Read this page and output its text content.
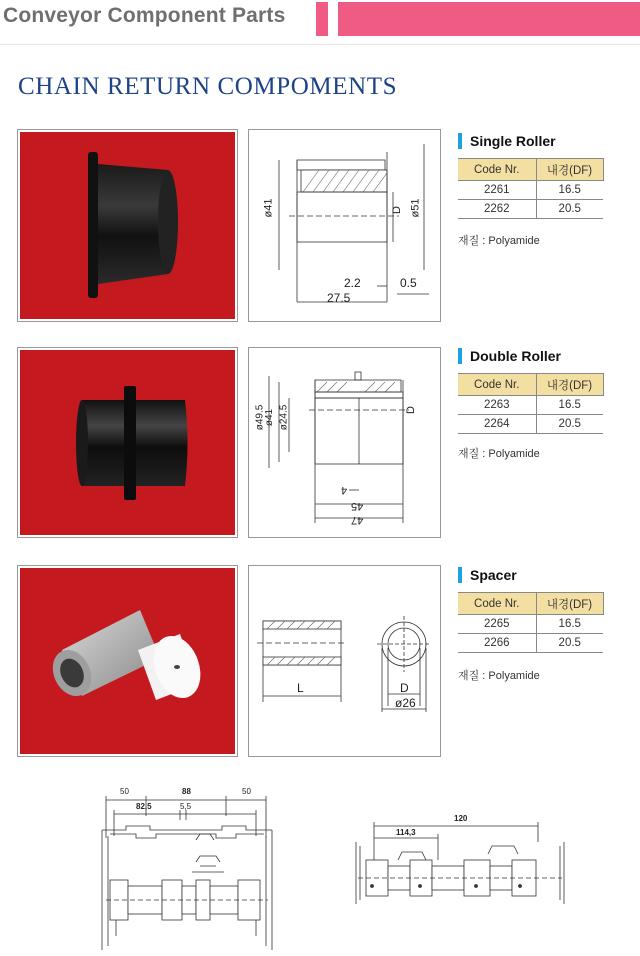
Conveyor Component Parts
CHAIN RETURN COMPOMENTS
ø41	D ø51
2.2	0.5
27.5
Single Roller
Code Nr.	내경(DF)
2261	16.5
2262	20.5
재질 : Polyamide
ø49.5
ø41 ø24.5	D
4
45
47
Double Roller
Code Nr.	내경(DF)
2263	16.5
2264	20.5
재질 : Polyamide
L	D
ø26
Spacer
Code Nr.	내경(DF)
2265	16.5
2266	20.5
재질 : Polyamide
50	88	50
82,5	5,5
120
114,3
